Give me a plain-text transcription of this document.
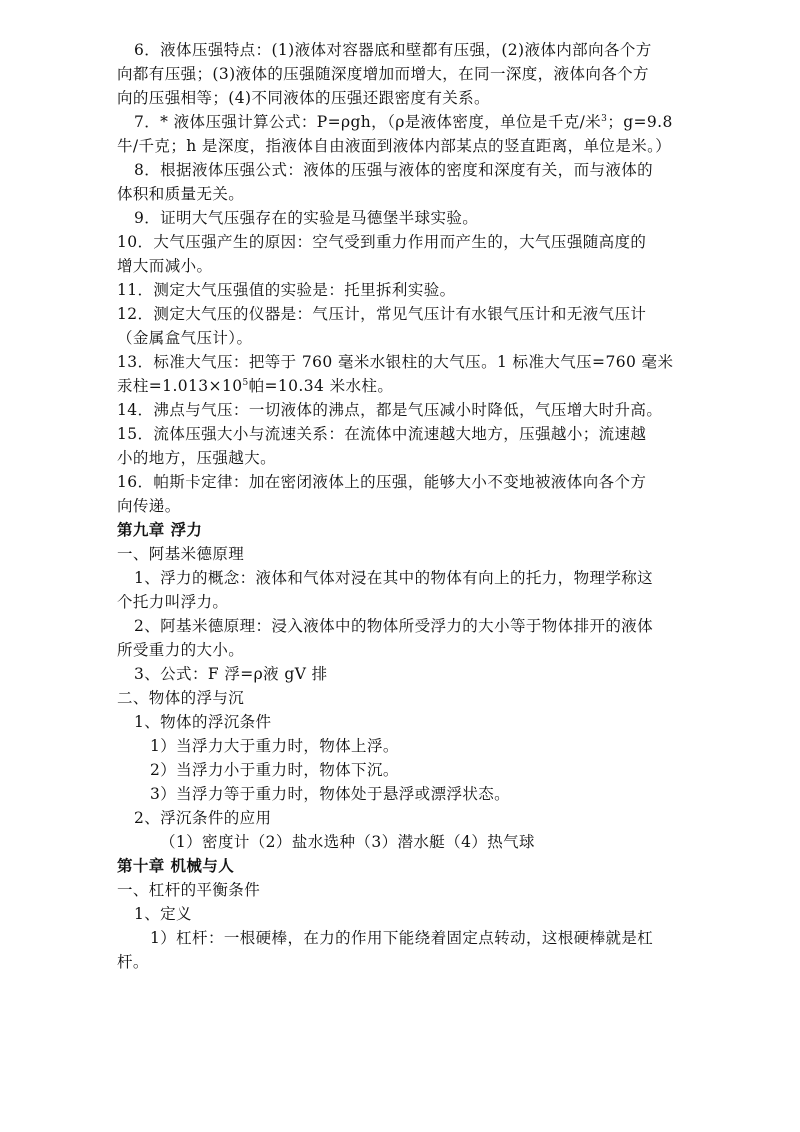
6．液体压强特点：(1)液体对容器底和壁都有压强，(2)液体内部向各个方
向都有压强；(3)液体的压强随深度增加而增大，在同一深度，液体向各个方
向的压强相等；(4)不同液体的压强还跟密度有关系。
7．* 液体压强计算公式：P=ρgh，（ρ是液体密度，单位是千克/米$^3$；g=9.8
牛/千克；h 是深度，指液体自由液面到液体内部某点的竖直距离，单位是米。）
8．根据液体压强公式：液体的压强与液体的密度和深度有关，而与液体的
体积和质量无关。
9．证明大气压强存在的实验是马德堡半球实验。
10．大气压强产生的原因：空气受到重力作用而产生的，大气压强随高度的
增大而减小。
11．测定大气压强值的实验是：托里拆利实验。
12．测定大气压的仪器是：气压计，常见气压计有水银气压计和无液气压计
（金属盒气压计）。
13．标准大气压：把等于 760 毫米水银柱的大气压。1 标准大气压=760 毫米
汞柱$=1.013\times 10^5$帕=10.34 米水柱。
14．沸点与气压：一切液体的沸点，都是气压减小时降低，气压增大时升高。
15．流体压强大小与流速关系：在流体中流速越大地方，压强越小；流速越
小的地方，压强越大。
16．帕斯卡定律：加在密闭液体上的压强，能够大小不变地被液体向各个方
向传递。
第九章 浮力
一、阿基米德原理
1、浮力的概念：液体和气体对浸在其中的物体有向上的托力，物理学称这
个托力叫浮力。
2、阿基米德原理：浸入液体中的物体所受浮力的大小等于物体排开的液体
所受重力的大小。
3、公式：F 浮=ρ液 gV 排
二、物体的浮与沉
1、物体的浮沉条件
1）当浮力大于重力时，物体上浮。
2）当浮力小于重力时，物体下沉。
3）当浮力等于重力时，物体处于悬浮或漂浮状态。
2、浮沉条件的应用
（1）密度计（2）盐水选种（3）潜水艇（4）热气球
第十章 机械与人
一、杠杆的平衡条件
1、定义
1）杠杆：一根硬棒，在力的作用下能绕着固定点转动，这根硬棒就是杠
杆。
